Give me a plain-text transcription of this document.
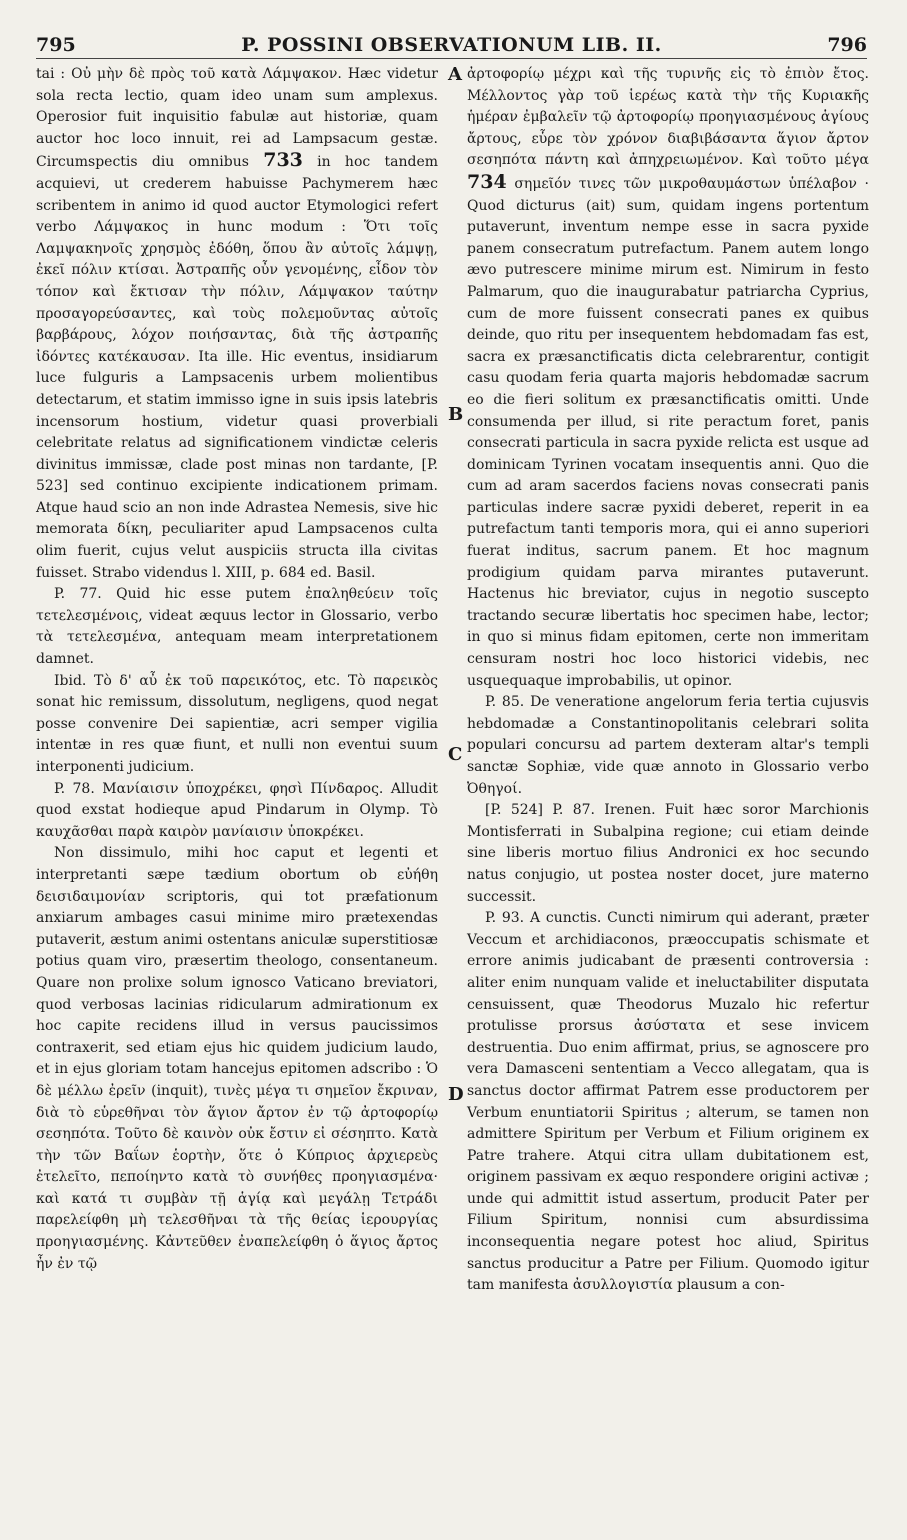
795	P. POSSINI OBSERVATIONUM LIB. II.	796

tai : Οὐ μὴν δὲ πρὸς τοῦ κατὰ Λάμψακον. Hæc videtur sola recta lectio, quam ideo unam sum amplexus. Operosior fuit inquisitio fabulæ aut historiæ, quam auctor hoc loco innuit, rei ad Lampsacum gestæ. Circumspectis diu omnibus 733 in hoc tandem acquievi, ut crederem habuisse Pachymerem hæc scribentem in animo id quod auctor Etymologici refert verbo Λάμψακος in hunc modum : Ὅτι τοῖς Λαμψακηνοῖς χρησμὸς ἐδόθη, ὅπου ἂν αὐτοῖς λάμψῃ, ἐκεῖ πόλιν κτίσαι. Ἀστραπῆς οὖν γενομένης, εἶδον τὸν τόπον καὶ ἔκτισαν τὴν πόλιν, Λάμψακον ταύτην προσαγορεύσαντες, καὶ τοὺς πολεμοῦντας αὐτοῖς βαρβάρους, λόχον ποιήσαντας, διὰ τῆς ἀστραπῆς ἰδόντες κατέκαυσαν. Ita ille. Hic eventus, insidiarum luce fulguris a Lampsacenis urbem molientibus detectarum, et statim immisso igne in suis ipsis latebris incensorum hostium, videtur quasi proverbiali celebritate relatus ad significationem vindictæ celeris divinitus immissæ, clade post minas non tardante, [P. 523] sed continuo excipiente indicationem primam. Atque haud scio an non inde Adrastea Nemesis, sive hic memorata δίκη, peculiariter apud Lampsacenos culta olim fuerit, cujus velut auspiciis structa illa civitas fuisset. Strabo videndus l. XIII, p. 684 ed. Basil.

P. 77. Quid hic esse putem ἐπαληθεύειν τοῖς τετελεσμένοις, videat æquus lector in Glossario, verbo τὰ τετελεσμένα, antequam meam interpretationem damnet.

Ibid. Τὸ δ' αὖ ἐκ τοῦ παρεικότος, etc. Τὸ παρεικὸς sonat hic remissum, dissolutum, negligens, quod negat posse convenire Dei sapientiæ, acri semper vigilia intentæ in res quæ fiunt, et nulli non eventui suum interponenti judicium.

P. 78. Μανίαισιν ὑποχρέκει, φησὶ Πίνδαρος. Alludit quod exstat hodieque apud Pindarum in Olymp. Τὸ καυχᾶσθαι παρὰ καιρὸν μανίαισιν ὑποκρέκει.

Non dissimulo, mihi hoc caput et legenti et interpretanti sæpe tædium obortum ob εὐήθη δεισιδαιμονίαν scriptoris, qui tot præfationum anxiarum ambages casui minime miro prætexendas putaverit, æstum animi ostentans aniculæ superstitiosæ potius quam viro, præsertim theologo, consentaneum. Quare non prolixe solum ignosco Vaticano breviatori, quod verbosas lacinias ridicularum admirationum ex hoc capite recidens illud in versus paucissimos contraxerit, sed etiam ejus hic quidem judicium laudo, et in ejus gloriam totam hancejus epitomen adscribo : Ὁ δὲ μέλλω ἐρεῖν (inquit), τινὲς μέγα τι σημεῖον ἔκριναν, διὰ τὸ εὑρεθῆναι τὸν ἅγιον ἄρτον ἐν τῷ ἀρτοφορίῳ σεσηπότα. Τοῦτο δὲ καινὸν οὐκ ἔστιν εἰ σέσηπτο. Κατὰ τὴν τῶν Βαΐων ἑορτὴν, ὅτε ὁ Κύπριος ἀρχιερεὺς ἐτελεῖτο, πεποίηντο κατὰ τὸ συνήθες προηγιασμένα· καὶ κατά τι συμβὰν τῇ ἁγίᾳ καὶ μεγάλῃ Τετράδι παρελείφθη μὴ τελεσθῆναι τὰ τῆς θείας ἱερουργίας προηγιασμένης. Κἀντεῦθεν ἐναπελείφθη ὁ ἅγιος ἄρτος ἦν ἐν τῷ

A
B
C
D

ἀρτοφορίῳ μέχρι καὶ τῆς τυρινῆς εἰς τὸ ἐπιὸν ἔτος. Μέλλοντος γὰρ τοῦ ἱερέως κατὰ τὴν τῆς Κυριακῆς ἡμέραν ἐμβαλεῖν τῷ ἀρτοφορίῳ προηγιασμένους ἁγίους ἄρτους, εὗρε τὸν χρόνον διαβιβάσαντα ἅγιον ἄρτον σεσηπότα πάντη καὶ ἀπηχρειωμένον. Καὶ τοῦτο μέγα 734 σημεῖόν τινες τῶν μικροθαυμάστων ὑπέλαβον · Quod dicturus (ait) sum, quidam ingens portentum putaverunt, inventum nempe esse in sacra pyxide panem consecratum putrefactum. Panem autem longo ævo putrescere minime mirum est. Nimirum in festo Palmarum, quo die inaugurabatur patriarcha Cyprius, cum de more fuissent consecrati panes ex quibus deinde, quo ritu per insequentem hebdomadam fas est, sacra ex præsanctificatis dicta celebrarentur, contigit casu quodam feria quarta majoris hebdomadæ sacrum eo die fieri solitum ex præsanctificatis omitti. Unde consumenda per illud, si rite peractum foret, panis consecrati particula in sacra pyxide relicta est usque ad dominicam Tyrinen vocatam insequentis anni. Quo die cum ad aram sacerdos faciens novas consecrati panis particulas indere sacræ pyxidi deberet, reperit in ea putrefactum tanti temporis mora, qui ei anno superiori fuerat inditus, sacrum panem. Et hoc magnum prodigium quidam parva mirantes putaverunt. Hactenus hic breviator, cujus in negotio suscepto tractando securæ libertatis hoc specimen habe, lector; in quo si minus fidam epitomen, certe non immeritam censuram nostri hoc loco historici videbis, nec usquequaque improbabilis, ut opinor.

P. 85. De veneratione angelorum feria tertia cujusvis hebdomadæ a Constantinopolitanis celebrari solita populari concursu ad partem dexteram altar's templi sanctæ Sophiæ, vide quæ annoto in Glossario verbo Ὀθηγοί.

[P. 524] P. 87. Irenen. Fuit hæc soror Marchionis Montisferrati in Subalpina regione; cui etiam deinde sine liberis mortuo filius Andronici ex hoc secundo natus conjugio, ut postea noster docet, jure materno successit.

P. 93. A cunctis. Cuncti nimirum qui aderant, præter Veccum et archidiaconos, præoccupatis schismate et errore animis judicabant de præsenti controversia : aliter enim nunquam valide et ineluctabiliter disputata censuissent, quæ Theodorus Muzalo hic refertur protulisse prorsus ἀσύστατα et sese invicem destruentia. Duo enim affirmat, prius, se agnoscere pro vera Damasceni sententiam a Vecco allegatam, qua is sanctus doctor affirmat Patrem esse productorem per Verbum enuntiatorii Spiritus ; alterum, se tamen non admittere Spiritum per Verbum et Filium originem ex Patre trahere. Atqui citra ullam dubitationem est, originem passivam ex æquo respondere origini activæ ; unde qui admittit istud assertum, producit Pater per Filium Spiritum, nonnisi cum absurdissima inconsequentia negare potest hoc aliud, Spiritus sanctus producitur a Patre per Filium. Quomodo igitur tam manifesta ἀσυλλογιστία plausum a con-
